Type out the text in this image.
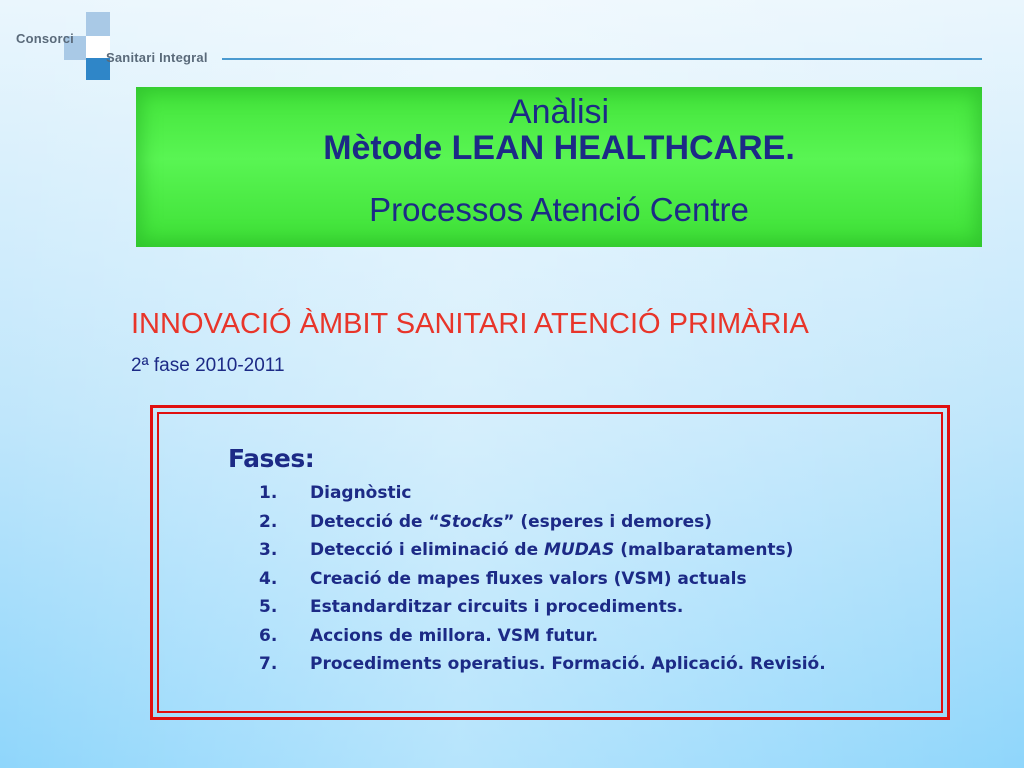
Consorci
Sanitari Integral
Anàlisi
Mètode LEAN HEALTHCARE.
Processos Atenció Centre
INNOVACIÓ ÀMBIT SANITARI ATENCIÓ PRIMÀRIA
2ª fase 2010-2011
Fases:
1. Diagnòstic
2. Detecció de “Stocks” (esperes i demores)
3. Detecció i eliminació de MUDAS (malbarataments)
4. Creació de mapes fluxes valors (VSM) actuals
5. Estandarditzar circuits i procediments.
6. Accions de millora. VSM futur.
7. Procediments operatius. Formació. Aplicació. Revisió.
